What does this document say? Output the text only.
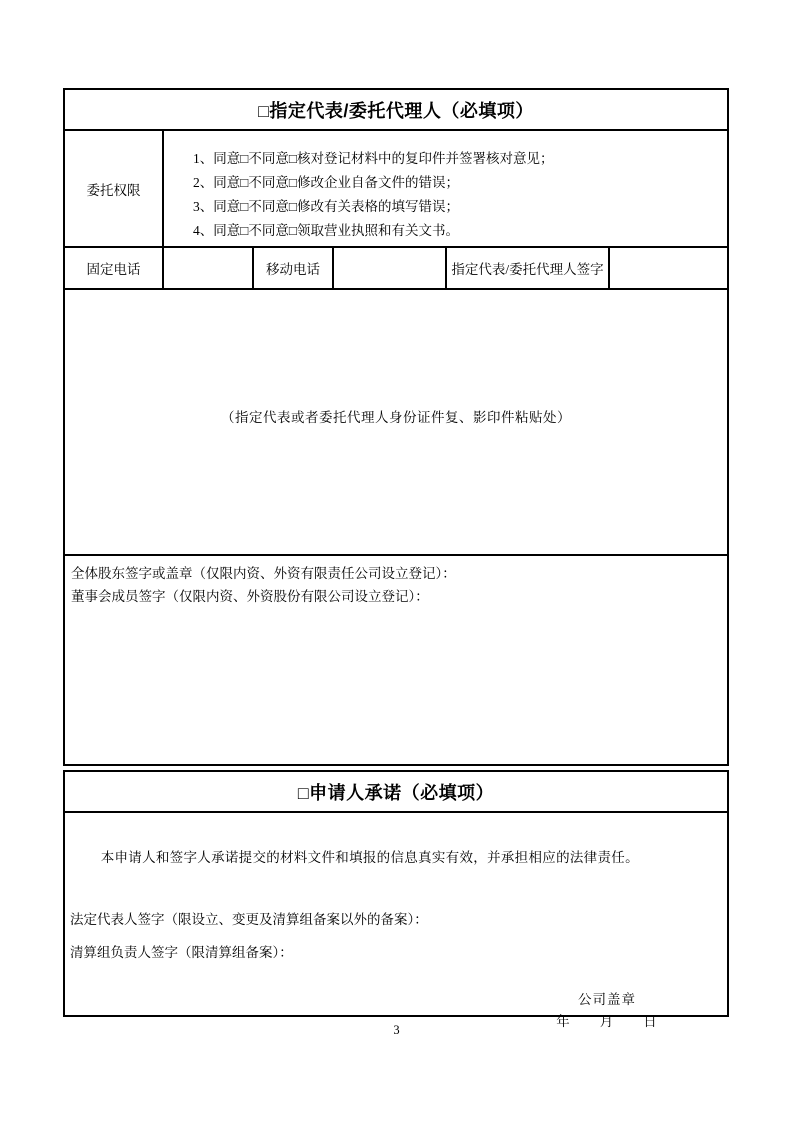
□指定代表/委托代理人（必填项）
委托权限
1、同意□不同意□核对登记材料中的复印件并签署核对意见；
2、同意□不同意□修改企业自备文件的错误；
3、同意□不同意□修改有关表格的填写错误；
4、同意□不同意□领取营业执照和有关文书。
固定电话	移动电话	指定代表/委托代理人签字
（指定代表或者委托代理人身份证件复、影印件粘贴处）
全体股东签字或盖章（仅限内资、外资有限责任公司设立登记）：
董事会成员签字（仅限内资、外资股份有限公司设立登记）：
□申请人承诺（必填项）

本申请人和签字人承诺提交的材料文件和填报的信息真实有效，并承担相应的法律责任。

法定代表人签字（限设立、变更及清算组备案以外的备案）：

清算组负责人签字（限清算组备案）：

公司盖章
年　　月　　日
3
